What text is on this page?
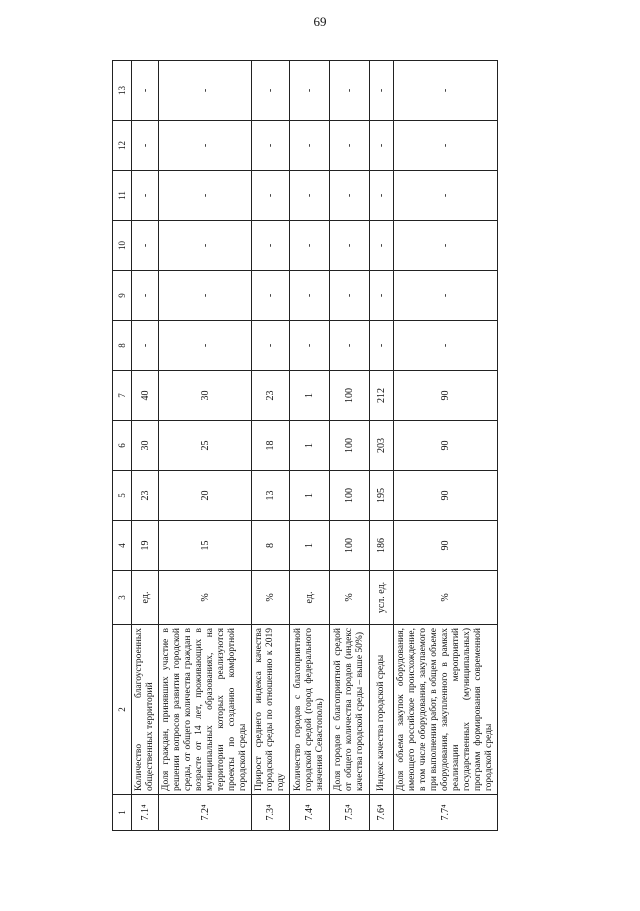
69
1	2	3	4	5	6	7	8	9	10	11	12	13
7.1⁴	Количество благоустроенных общественных территорий	ед.	19	23	30	40	-	-	-	-	-	-
7.2⁴	Доля граждан, принявших участие в решении вопросов развития городской среды, от общего количества граждан в возрасте от 14 лет, проживающих в муниципальных образованиях, на территории которых реализуются проекты по созданию комфортной городской среды	%	15	20	25	30	-	-	-	-	-	-
7.3⁴	Прирост среднего индекса качества городской среды по отношению к 2019 году	%	8	13	18	23	-	-	-	-	-	-
7.4⁴	Количество городов с благоприятной городской средой (город федерального значения Севастополь)	ед.	1	1	1	1	-	-	-	-	-	-
7.5⁴	Доля городов с благоприятной средой от общего количества городов (индекс качества городской среды – выше 50%)	%	100	100	100	100	-	-	-	-	-	-
7.6⁴	Индекс качества городской среды	усл. ед.	186	195	203	212	-	-	-	-	-	-
7.7⁴	Доля объема закупок оборудования, имеющего российское происхождение, в том числе оборудования, закупаемого при выполнении работ, в общем объеме оборудования, закупленного в рамках реализации мероприятий государственных (муниципальных) программ формирования современной городской среды	%	90	90	90	90	-	-	-	-	-	-
